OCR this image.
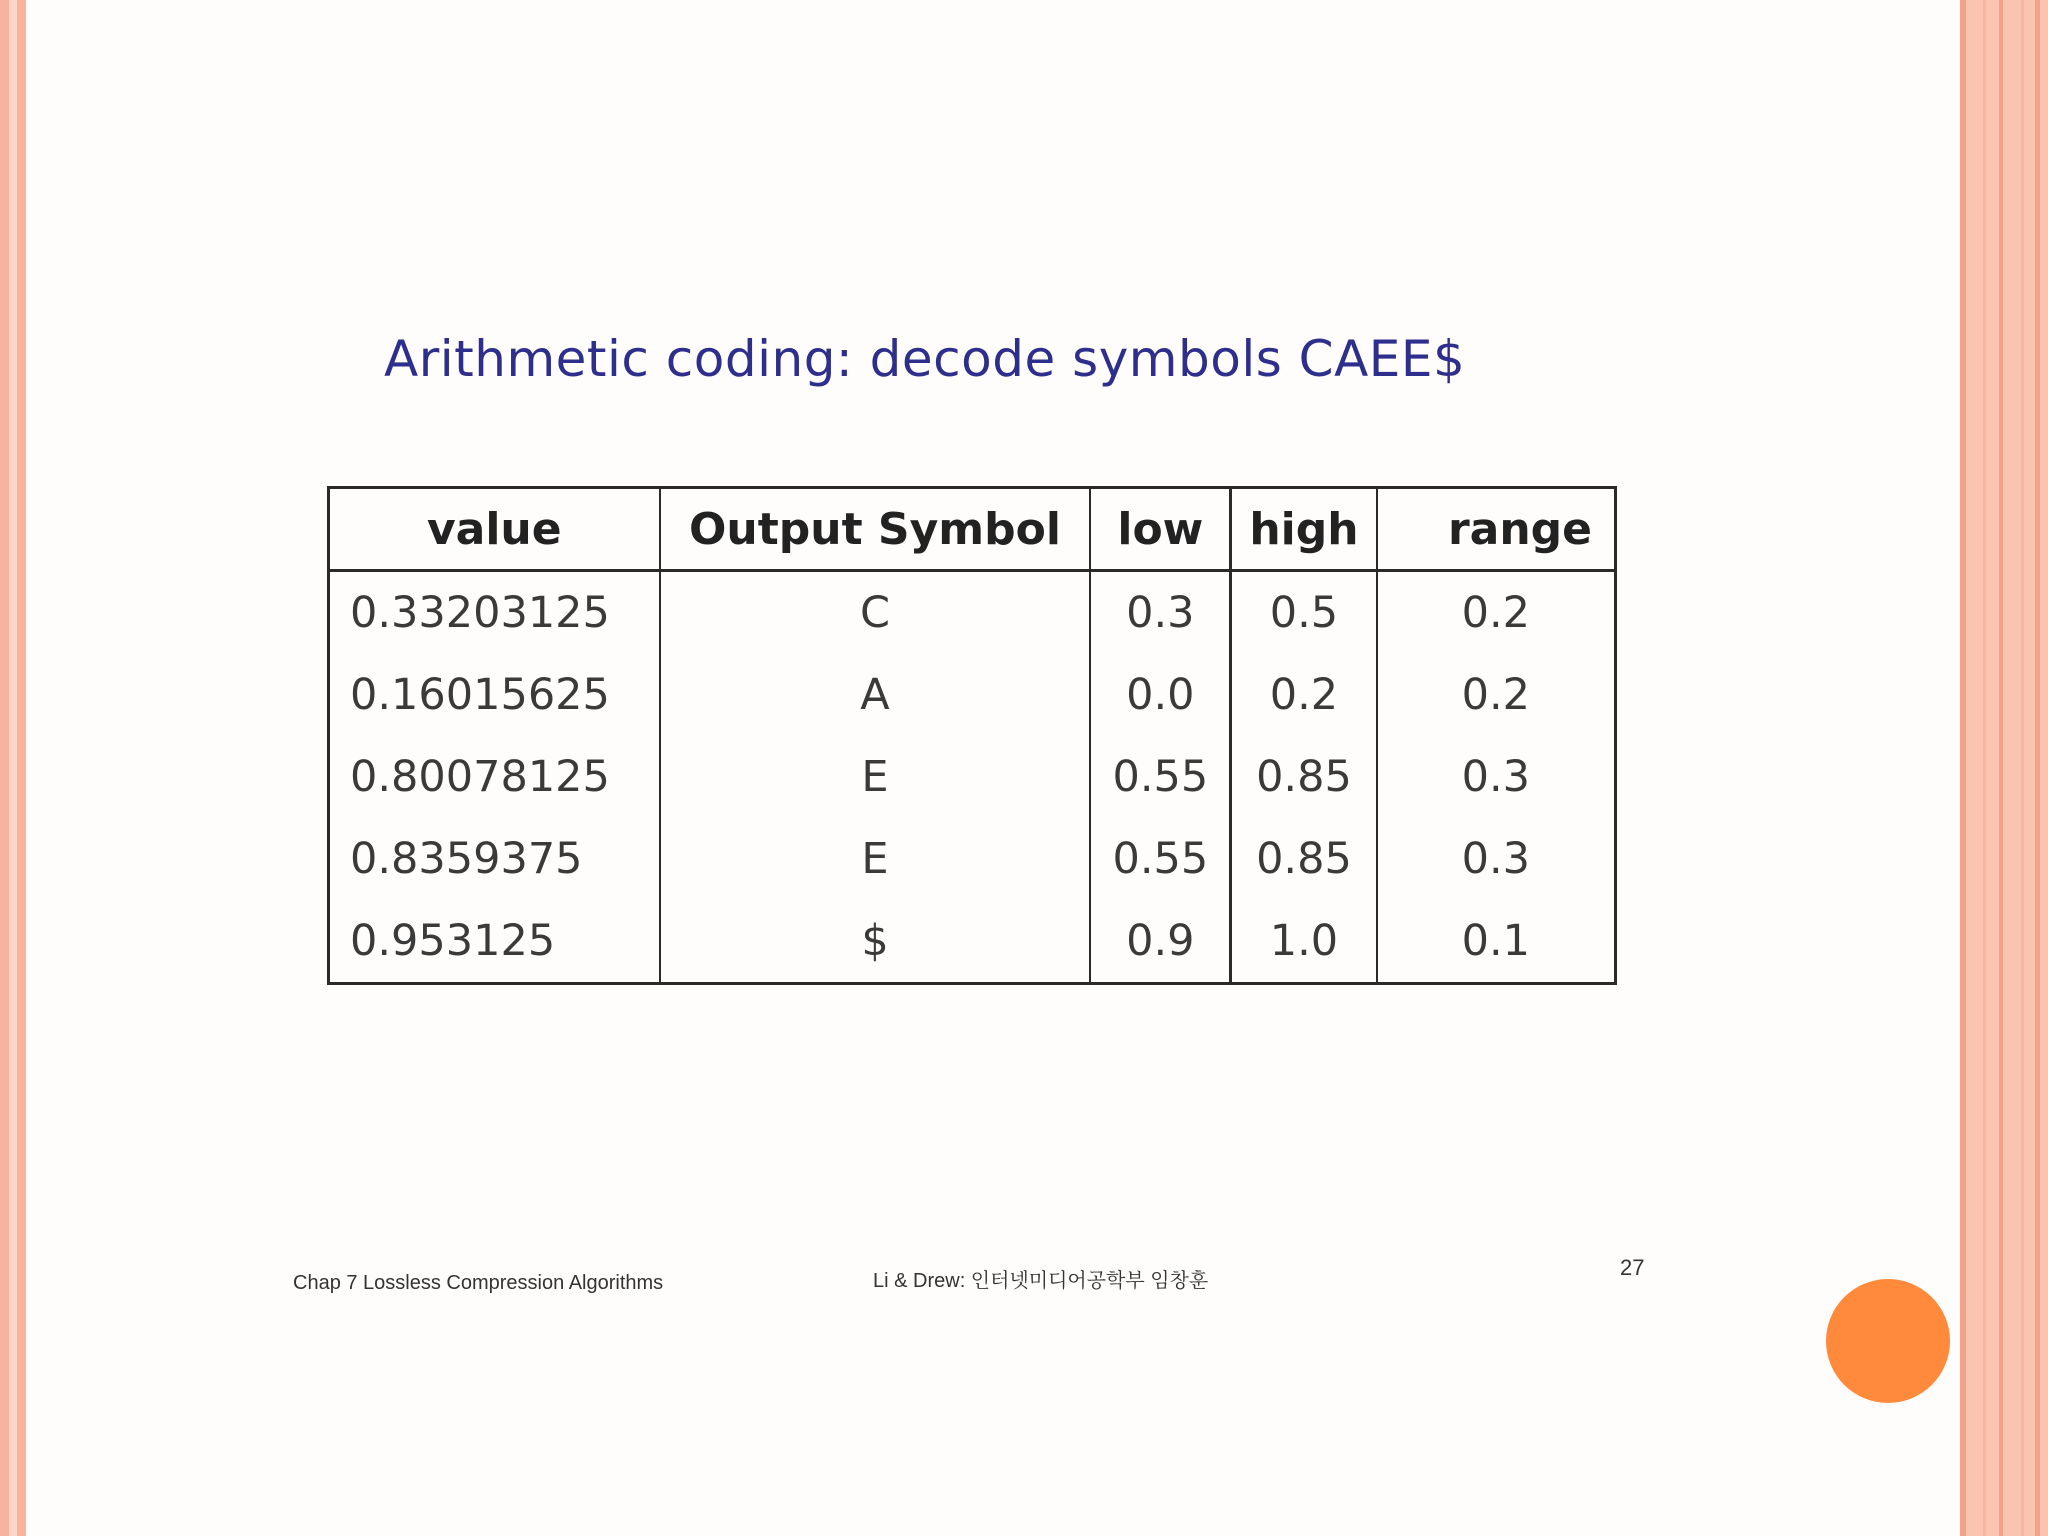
Arithmetic coding: decode symbols CAEE$
value	Output Symbol	low	high	range
0.33203125	C	0.3	0.5	0.2
0.16015625	A	0.0	0.2	0.2
0.80078125	E	0.55	0.85	0.3
0.8359375	E	0.55	0.85	0.3
0.953125	$	0.9	1.0	0.1
Chap 7 Lossless Compression Algorithms	Li & Drew: 인터넷미디어공학부 임창훈
27
